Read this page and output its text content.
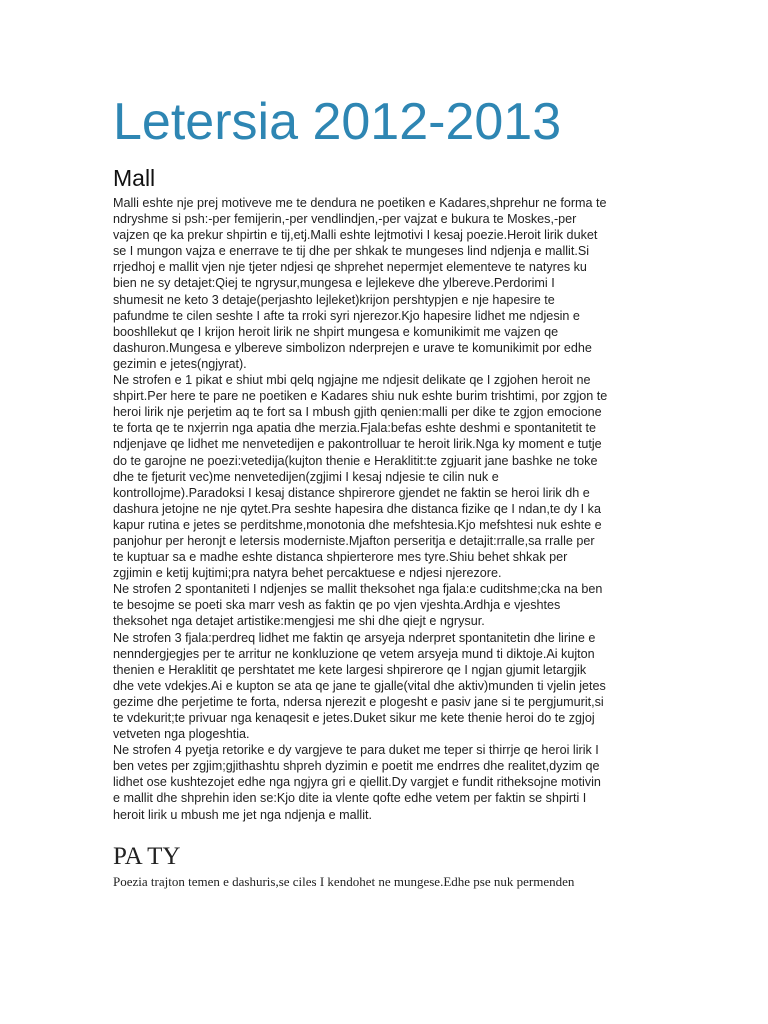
Letersia 2012-2013
Mall

Malli eshte nje prej motiveve me te dendura ne poetiken e Kadares,shprehur ne forma te
ndryshme si psh:-per femijerin,-per vendlindjen,-per vajzat e bukura te Moskes,-per
vajzen qe ka prekur shpirtin e tij,etj.Malli eshte lejtmotivi I kesaj poezie.Heroit lirik duket
se I mungon vajza e enerrave te tij dhe per shkak te mungeses lind ndjenja e mallit.Si
rrjedhoj e mallit vjen nje tjeter ndjesi qe shprehet nepermjet elementeve te natyres ku
bien ne sy detajet:Qiej te ngrysur,mungesa e lejlekeve dhe ylbereve.Perdorimi I
shumesit ne keto 3 detaje(perjashto lejleket)krijon pershtypjen e nje hapesire te
pafundme te cilen seshte I afte ta rroki syri njerezor.Kjo hapesire lidhet me ndjesin e
booshllekut qe I krijon heroit lirik ne shpirt mungesa e komunikimit me vajzen qe
dashuron.Mungesa e ylbereve simbolizon nderprejen e urave te komunikimit por edhe
gezimin e jetes(ngjyrat).

Ne strofen e 1 pikat e shiut mbi qelq ngjajne me ndjesit delikate qe I zgjohen heroit ne
shpirt.Per here te pare ne poetiken e Kadares shiu nuk eshte burim trishtimi, por zgjon te
heroi lirik nje perjetim aq te fort sa I mbush gjith qenien:malli per dike te zgjon emocione
te forta qe te nxjerrin nga apatia dhe merzia.Fjala:befas eshte deshmi e spontanitetit te
ndjenjave qe lidhet me nenvetedijen e pakontrolluar te heroit lirik.Nga ky moment e tutje
do te garojne ne poezi:vetedija(kujton thenie e Heraklitit:te zgjuarit jane bashke ne toke
dhe te fjeturit vec)me nenvetedijen(zgjimi I kesaj ndjesie te cilin nuk e
kontrollojme).Paradoksi I kesaj distance shpirerore gjendet ne faktin se heroi lirik dh e
dashura jetojne ne nje qytet.Pra seshte hapesira dhe distanca fizike qe I ndan,te dy I ka
kapur rutina e jetes se perditshme,monotonia dhe mefshtesia.Kjo mefshtesi nuk eshte e
panjohur per heronjt e letersis moderniste.Mjafton perseritja e detajit:rralle,sa rralle per
te kuptuar sa e madhe eshte distanca shpierterore mes tyre.Shiu behet shkak per
zgjimin e ketij kujtimi;pra natyra behet percaktuese e ndjesi njerezore.

Ne strofen 2 spontaniteti I ndjenjes se mallit theksohet nga fjala:e cuditshme;cka na ben
te besojme se poeti ska marr vesh as faktin qe po vjen vjeshta.Ardhja e vjeshtes
theksohet nga detajet artistike:mengjesi me shi dhe qiejt e ngrysur.

Ne strofen 3 fjala:perdreq lidhet me faktin qe arsyeja nderpret spontanitetin dhe lirine e
nenndergjegjes per te arritur ne konkluzione qe vetem arsyeja mund ti diktoje.Ai kujton
thenien e Heraklitit qe pershtatet me kete largesi shpirerore qe I ngjan gjumit letargjik
dhe vete vdekjes.Ai e kupton se ata qe jane te gjalle(vital dhe aktiv)munden ti vjelin jetes
gezime dhe perjetime te forta, ndersa njerezit e plogesht e pasiv jane si te pergjumurit,si
te vdekurit;te privuar nga kenaqesit e jetes.Duket sikur me kete thenie heroi do te zgjoj
vetveten nga plogeshtia.

Ne strofen 4 pyetja retorike e dy vargjeve te para duket me teper si thirrje qe heroi lirik I
ben vetes per zgjim;gjithashtu shpreh dyzimin e poetit me endrres dhe realitet,dyzim qe
lidhet ose kushtezojet edhe nga ngjyra gri e qiellit.Dy vargjet e fundit ritheksojne motivin
e mallit dhe shprehin iden se:Kjo dite ia vlente qofte edhe vetem per faktin se shpirti I
heroit lirik u mbush me jet nga ndjenja e mallit.

PA TY

Poezia trajton temen e dashuris,se ciles I kendohet ne mungese.Edhe pse nuk permenden
